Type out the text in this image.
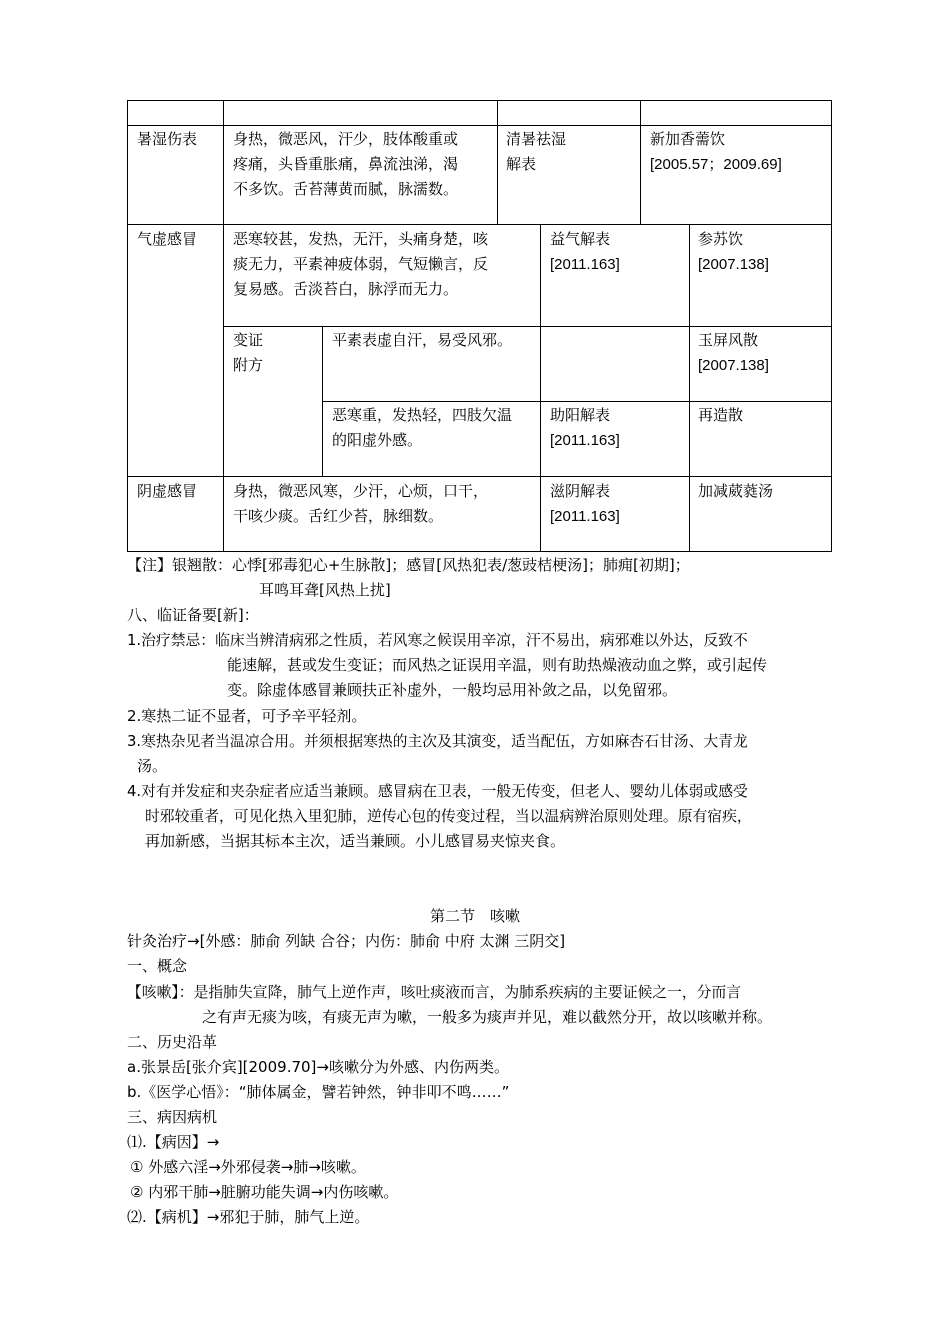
暑湿伤表 身热，微恶风，汗少，肢体酸重或
疼痛，头昏重胀痛，鼻流浊涕，渴
不多饮。舌苔薄黄而腻，脉濡数。
清暑祛湿
解表
新加香薷饮
[2005.57；2009.69]
气虚感冒 恶寒较甚，发热，无汗，头痛身楚，咳
痰无力，平素神疲体弱，气短懒言，反
复易感。舌淡苔白，脉浮而无力。
益气解表
[2011.163]
参苏饮
[2007.138]
变证
附方
平素表虚自汗，易受风邪。	玉屏风散
[2007.138]
恶寒重，发热轻，四肢欠温
的阳虚外感。
助阳解表
[2011.163]
再造散
阴虚感冒 身热，微恶风寒，少汗，心烦，口干，
干咳少痰。舌红少苔，脉细数。
滋阴解表
[2011.163]
加减葳蕤汤
【注】银翘散：心悸[邪毒犯心+生脉散]；感冒[风热犯表/葱豉桔梗汤]；肺痈[初期]；
耳鸣耳聋[风热上扰]
八、临证备要[新]：
1.治疗禁忌：临床当辨清病邪之性质，若风寒之候误用辛凉，汗不易出，病邪难以外达，反致不
能速解，甚或发生变证；而风热之证误用辛温，则有助热燥液动血之弊，或引起传
变。除虚体感冒兼顾扶正补虚外，一般均忌用补敛之品，以免留邪。
2.寒热二证不显者，可予辛平轻剂。
3.寒热杂见者当温凉合用。并须根据寒热的主次及其演变，适当配伍，方如麻杏石甘汤、大青龙
汤。
4.对有并发症和夹杂症者应适当兼顾。感冒病在卫表，一般无传变，但老人、婴幼儿体弱或感受
时邪较重者，可见化热入里犯肺，逆传心包的传变过程，当以温病辨治原则处理。原有宿疾，
再加新感，当据其标本主次，适当兼顾。小儿感冒易夹惊夹食。
第二节　咳嗽
针灸治疗→[外感：肺俞 列缺 合谷；内伤：肺俞 中府 太渊 三阴交]
一、概念
【咳嗽】：是指肺失宣降，肺气上逆作声，咳吐痰液而言，为肺系疾病的主要证候之一，分而言
之有声无痰为咳，有痰无声为嗽，一般多为痰声并见，难以截然分开，故以咳嗽并称。
二、历史沿革
a.张景岳[张介宾][2009.70]→咳嗽分为外感、内伤两类。
b.《医学心悟》：“肺体属金，譬若钟然，钟非叩不鸣……”
三、病因病机
⑴.【病因】→
① 外感六淫→外邪侵袭→肺→咳嗽。
② 内邪干肺→脏腑功能失调→内伤咳嗽。
⑵.【病机】→邪犯于肺，肺气上逆。
